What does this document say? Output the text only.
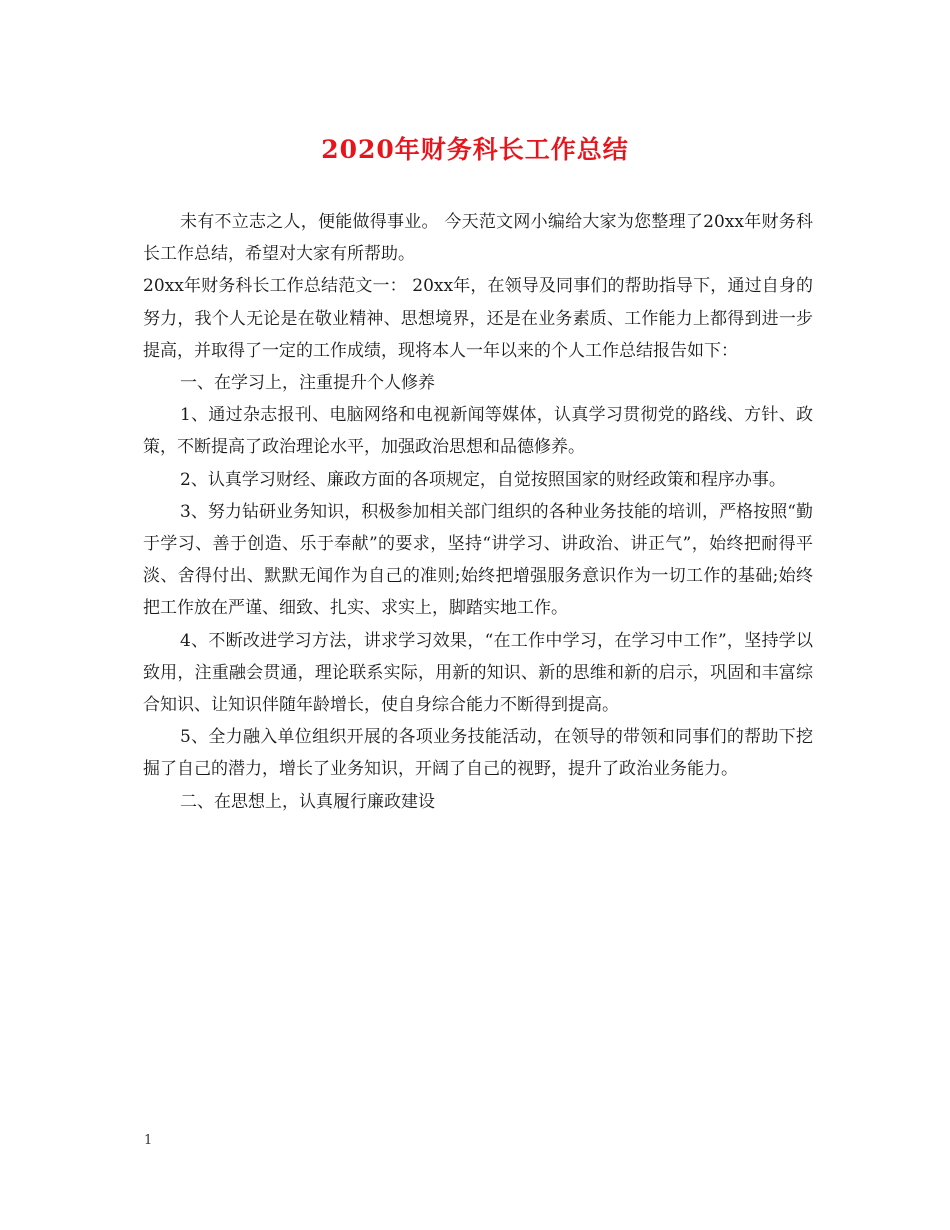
2020年财务科长工作总结

未有不立志之人，便能做得事业。 今天范文网小编给大家为您整理了20xx年财务科长工作总结，希望对大家有所帮助。

20xx年财务科长工作总结范文一： 20xx年，在领导及同事们的帮助指导下，通过自身的努力，我个人无论是在敬业精神、思想境界，还是在业务素质、工作能力上都得到进一步提高，并取得了一定的工作成绩，现将本人一年以来的个人工作总结报告如下：

一、在学习上，注重提升个人修养

1、通过杂志报刊、电脑网络和电视新闻等媒体，认真学习贯彻党的路线、方针、政策，不断提高了政治理论水平，加强政治思想和品德修养。

2、认真学习财经、廉政方面的各项规定，自觉按照国家的财经政策和程序办事。

3、努力钻研业务知识，积极参加相关部门组织的各种业务技能的培训，严格按照“勤于学习、善于创造、乐于奉献”的要求，坚持“讲学习、讲政治、讲正气”，始终把耐得平淡、舍得付出、默默无闻作为自己的准则;始终把增强服务意识作为一切工作的基础;始终把工作放在严谨、细致、扎实、求实上，脚踏实地工作。

4、不断改进学习方法，讲求学习效果，“在工作中学习，在学习中工作”，坚持学以致用，注重融会贯通，理论联系实际，用新的知识、新的思维和新的启示，巩固和丰富综合知识、让知识伴随年龄增长，使自身综合能力不断得到提高。

5、全力融入单位组织开展的各项业务技能活动，在领导的带领和同事们的帮助下挖掘了自己的潜力，增长了业务知识，开阔了自己的视野，提升了政治业务能力。

二、在思想上，认真履行廉政建设

1
